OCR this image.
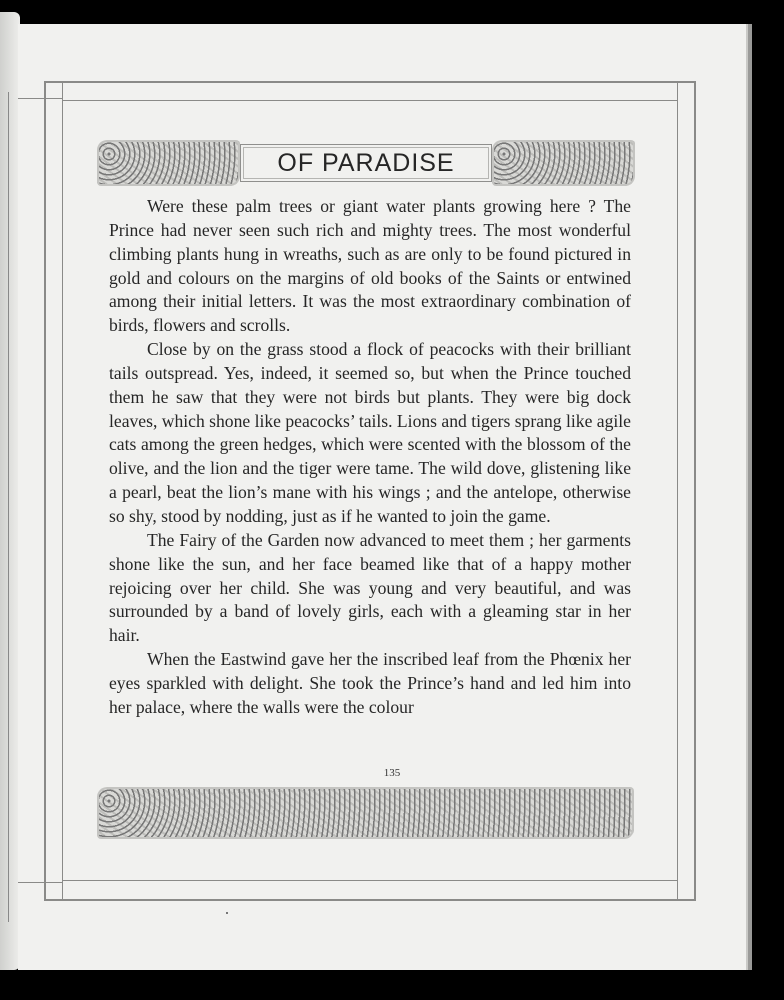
OF PARADISE

Were these palm trees or giant water plants growing here ? The Prince had never seen such rich and mighty trees. The most wonderful climbing plants hung in wreaths, such as are only to be found pictured in gold and colours on the margins of old books of the Saints or entwined among their initial letters. It was the most extraordinary combination of birds, flowers and scrolls.

Close by on the grass stood a flock of peacocks with their brilliant tails outspread. Yes, indeed, it seemed so, but when the Prince touched them he saw that they were not birds but plants. They were big dock leaves, which shone like peacocks’ tails. Lions and tigers sprang like agile cats among the green hedges, which were scented with the blossom of the olive, and the lion and the tiger were tame. The wild dove, glistening like a pearl, beat the lion’s mane with his wings ; and the antelope, otherwise so shy, stood by nodding, just as if he wanted to join the game.

The Fairy of the Garden now advanced to meet them ; her garments shone like the sun, and her face beamed like that of a happy mother rejoicing over her child. She was young and very beautiful, and was surrounded by a band of lovely girls, each with a gleaming star in her hair.

When the Eastwind gave her the inscribed leaf from the Phœnix her eyes sparkled with delight. She took the Prince’s hand and led him into her palace, where the walls were the colour

135
